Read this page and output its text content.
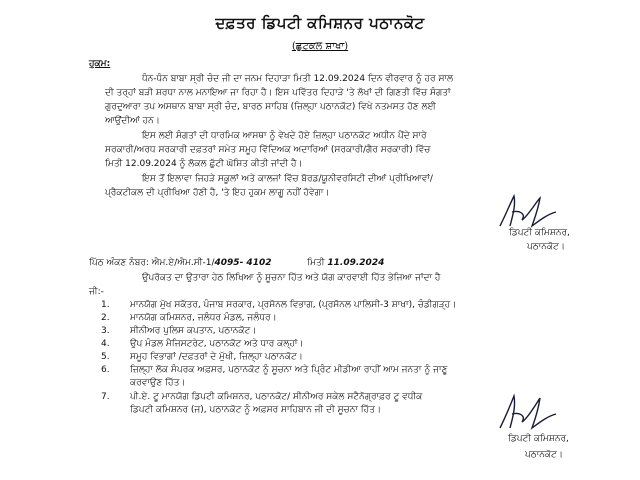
ਦਫ਼ਤਰ ਡਿਪਟੀ ਕਮਿਸ਼ਨਰ ਪਠਾਨਕੋਟ
(ਛੁਟਕਲ ਸ਼ਾਖਾ)
ਹੁਕਮ:
ਧੰਨ-ਧੰਨ ਬਾਬਾ ਸ੍ਰੀ ਚੰਦ ਜੀ ਦਾ ਜਨਮ ਦਿਹਾੜਾ ਮਿਤੀ 12.09.2024 ਦਿਨ ਵੀਰਵਾਰ ਨੂੰ ਹਰ ਸਾਲ
ਦੀ ਤਰ੍ਹਾਂ ਬੜੀ ਸ਼ਰਧਾ ਨਾਲ ਮਨਾਇਆ ਜਾ ਰਿਹਾ ਹੈ। ਇਸ ਪਵਿੱਤਰ ਦਿਹਾੜੇ 'ਤੇ ਲੱਖਾਂ ਦੀ ਗਿਣਤੀ ਵਿੱਚ ਸੰਗਤਾਂ
ਗੁਰਦੁਆਰਾ ਤਪ ਅਸਥਾਨ ਬਾਬਾ ਸ੍ਰੀ ਚੰਦ, ਬਾਰਠ ਸਾਹਿਬ (ਜ਼ਿਲ੍ਹਾ ਪਠਾਨਕੋਟ) ਵਿਖੇ ਨਤਮਸਤ ਹੋਣ ਲਈ
ਆਉਂਦੀਆਂ ਹਨ।
ਇਸ ਲਈ ਸੰਗਤਾਂ ਦੀ ਧਾਰਮਿਕ ਆਸਥਾ ਨੂੰ ਵੇਖਦੇ ਹੋਏ ਜ਼ਿਲ੍ਹਾ ਪਠਾਨਕੋਟ ਅਧੀਨ ਪੈਂਦੇ ਸਾਰੇ
ਸਰਕਾਰੀ/ਅਰਧ ਸਰਕਾਰੀ ਦਫ਼ਤਰਾਂ ਸਮੇਤ ਸਮੂਹ ਵਿੱਦਿਅਕ ਅਦਾਰਿਆਂ (ਸਰਕਾਰੀ/ਗੈਰ ਸਰਕਾਰੀ) ਵਿੱਚ
ਮਿਤੀ 12.09.2024 ਨੂੰ ਲੋਕਲ ਛੁੱਟੀ ਘੋਸ਼ਿਤ ਕੀਤੀ ਜਾਂਦੀ ਹੈ।
ਇਸ ਤੋਂ ਇਲਾਵਾ ਜਿਹੜੇ ਸਕੂਲਾਂ ਅਤੇ ਕਾਲਜਾਂ ਵਿੱਚ ਬੋਰਡ/ਯੂਨੀਵਰਸਿਟੀ ਦੀਆਂ ਪ੍ਰੀਖਿਆਵਾਂ/
ਪ੍ਰੈਕਟੀਕਲ ਦੀ ਪ੍ਰੀਖਿਆ ਹੋਣੀ ਹੈ, 'ਤੇ ਇਹ ਹੁਕਮ ਲਾਗੂ ਨਹੀਂ ਹੋਵੇਗਾ।
ਡਿਪਟੀ ਕਮਿਸ਼ਨਰ,
ਪਠਾਨਕੋਟ।
ਪਿੱਠ ਅੰਕਣ ਨੰਬਰ: ਐਮ.ਏ/ਐਮ.ਸੀ-1/4095- 4102	ਮਿਤੀ 11.09.2024
ਉਪਰੋਕਤ ਦਾ ਉਤਾਰਾ ਹੇਠ ਲਿਖਿਆ ਨੂੰ ਸੂਚਨਾ ਹਿੱਤ ਅਤੇ ਯੋਗ ਕਾਰਵਾਈ ਹਿੱਤ ਭੇਜਿਆ ਜਾਂਦਾ ਹੈ
ਜੀ:-
1. ਮਾਨਯੋਗ ਮੁੱਖ ਸਕੱਤਰ, ਪੰਜਾਬ ਸਰਕਾਰ, ਪ੍ਰਸੋਨਲ ਵਿਭਾਗ, (ਪ੍ਰਸੋਨਲ ਪਾਲਿਸੀ-3 ਸ਼ਾਖਾ), ਚੰਡੀਗੜ੍ਹ।
2. ਮਾਨਯੋਗ ਕਮਿਸ਼ਨਰ, ਜਲੰਧਰ ਮੰਡਲ, ਜਲੰਧਰ।
3. ਸੀਨੀਅਰ ਪੁਲਿਸ ਕਪਤਾਨ, ਪਠਾਨਕੋਟ।
4. ਉਪ ਮੰਡਲ ਮੈਜਿਸਟਰੇਟ, ਪਠਾਨਕੋਟ ਅਤੇ ਧਾਰ ਕਲ੍ਹਾਂ।
5. ਸਮੂਹ ਵਿਭਾਗਾਂ /ਦਫ਼ਤਰਾਂ ਦੇ ਮੁੱਖੀ, ਜ਼ਿਲ੍ਹਾ ਪਠਾਨਕੋਟ।
6. ਜ਼ਿਲ੍ਹਾ ਲੋਕ ਸੰਪਰਕ ਅਫ਼ਸਰ, ਪਠਾਨਕੋਟ ਨੂੰ ਸੂਚਨਾ ਅਤੇ ਪ੍ਰਿੰਟ ਮੀਡੀਆ ਰਾਹੀਂ ਆਮ ਜਨਤਾ ਨੂੰ ਜਾਣੂ
ਕਰਵਾਉਣ ਹਿੱਤ।
7. ਪੀ.ਏ. ਟੂ ਮਾਨਯੋਗ ਡਿਪਟੀ ਕਮਿਸ਼ਨਰ, ਪਠਾਨਕੋਟ/ ਸੀਨੀਅਰ ਸਕੇਲ ਸਟੈਨੋਗ੍ਰਾਫ਼ਰ ਟੂ ਵਧੀਕ
ਡਿਪਟੀ ਕਮਿਸ਼ਨਰ (ਜ), ਪਠਾਨਕੋਟ ਨੂੰ ਅਫ਼ਸਰ ਸਾਹਿਬਾਨ ਜੀ ਦੀ ਸੂਚਨਾ ਹਿੱਤ।
ਡਿਪਟੀ ਕਮਿਸ਼ਨਰ,
ਪਠਾਨਕੋਟ।
